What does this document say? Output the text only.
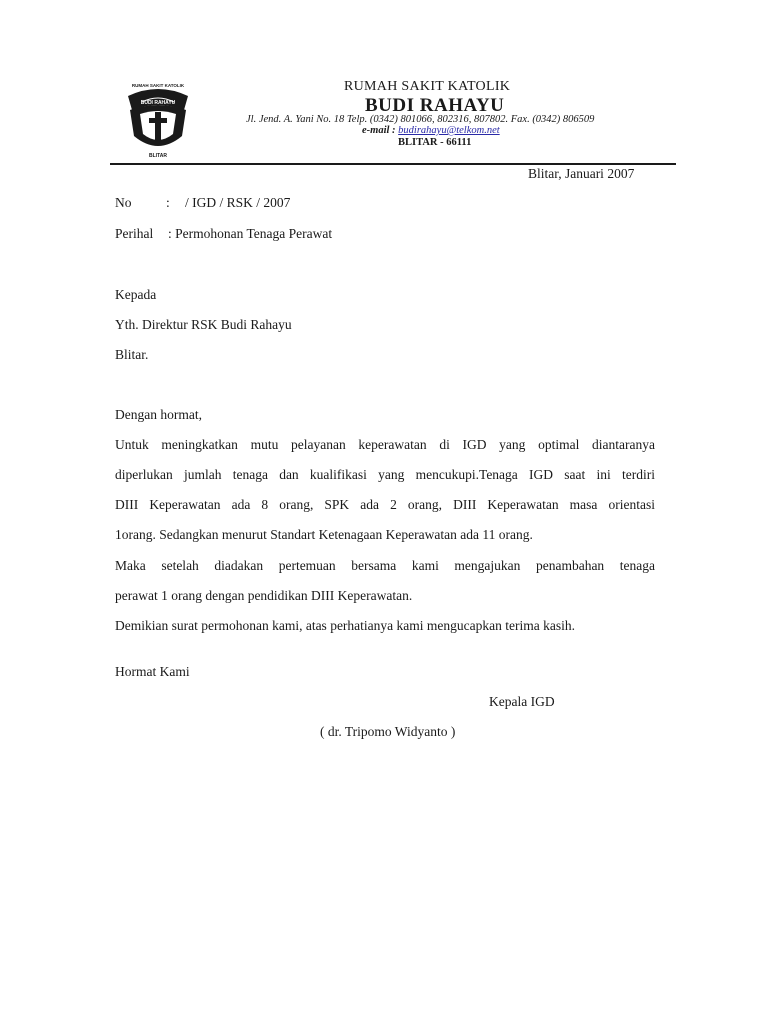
RUMAH SAKIT KATOLIK
BUDI RAHAYU
BLITAR
RUMAH SAKIT KATOLIK
BUDI RAHAYU
Jl. Jend. A. Yani No. 18 Telp. (0342) 801066, 802316, 807802. Fax. (0342) 806509
e-mail : budirahayu@telkom.net
BLITAR - 66111
Blitar, Januari 2007
No	: / IGD / RSK / 2007
Perihal : Permohonan Tenaga Perawat
Kepada
Yth. Direktur RSK Budi Rahayu
Blitar.
Dengan hormat,
Untuk meningkatkan mutu pelayanan keperawatan di IGD yang optimal diantaranya
diperlukan jumlah tenaga dan kualifikasi yang mencukupi.Tenaga IGD saat ini terdiri
DIII Keperawatan ada 8 orang, SPK ada 2 orang, DIII Keperawatan masa orientasi
1orang. Sedangkan menurut Standart Ketenagaan Keperawatan ada 11 orang.
Maka setelah diadakan pertemuan bersama kami mengajukan penambahan tenaga
perawat 1 orang dengan pendidikan DIII Keperawatan.
Demikian surat permohonan kami, atas perhatianya kami mengucapkan terima kasih.
Hormat Kami
Kepala IGD
( dr. Tripomo Widyanto )
